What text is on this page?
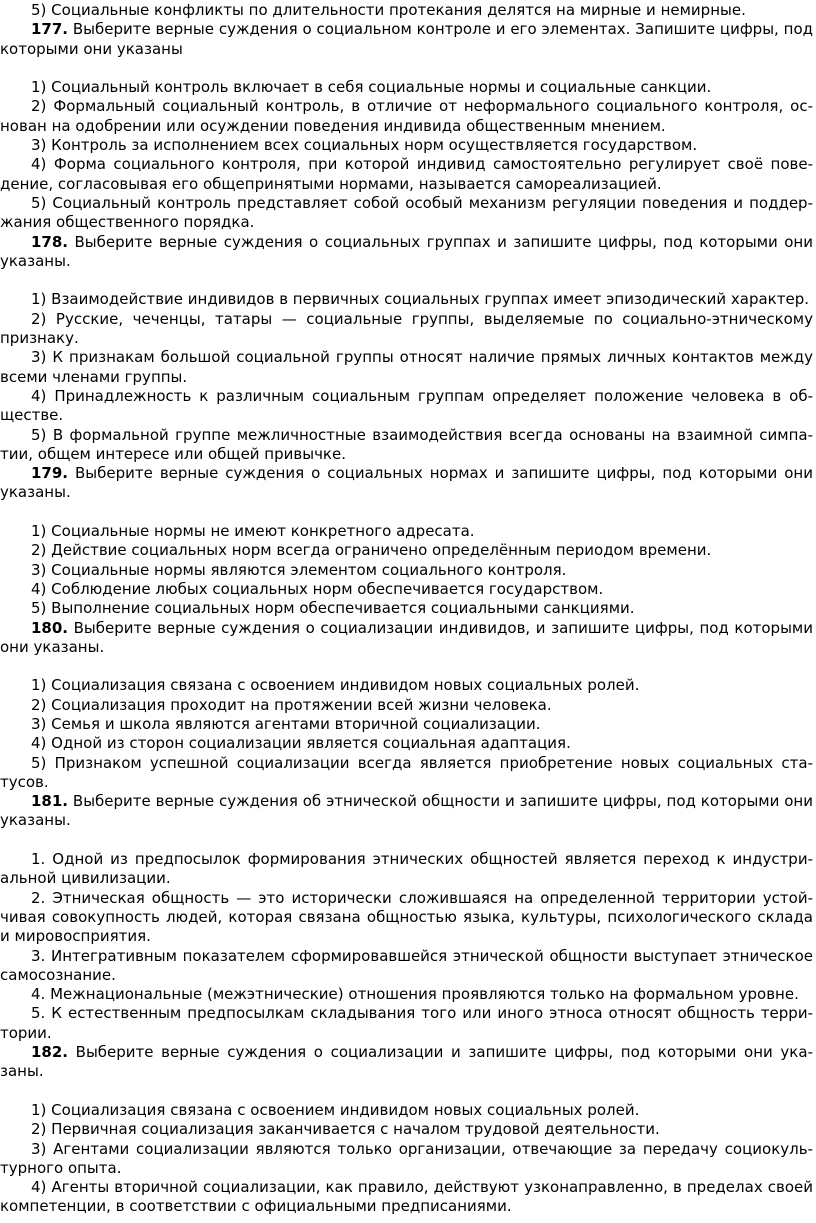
5) Социальные конфликты по длительности протекания делятся на мирные и немирные.

177. Выберите верные суждения о социальном контроле и его элементах. Запишите цифры, под которыми они указаны

1) Социальный контроль включает в себя социальные нормы и социальные санкции.

2) Формальный социальный контроль, в отличие от неформального социального контроля, основан на одобрении или осуждении поведения индивида общественным мнением.

3) Контроль за исполнением всех социальных норм осуществляется государством.

4) Форма социального контроля, при которой индивид самостоятельно регулирует своё поведение, согласовывая его общепринятыми нормами, называется самореализацией.

5) Социальный контроль представляет собой особый механизм регуляции поведения и поддержания общественного порядка.

178. Выберите верные суждения о социальных группах и запишите цифры, под которыми они указаны.

1) Взаимодействие индивидов в первичных социальных группах имеет эпизодический характер.

2) Русские, чеченцы, татары — социальные группы, выделяемые по социально-этническому признаку.

3) К признакам большой социальной группы относят наличие прямых личных контактов между всеми членами группы.

4) Принадлежность к различным социальным группам определяет положение человека в обществе.

5) В формальной группе межличностные взаимодействия всегда основаны на взаимной симпатии, общем интересе или общей привычке.

179. Выберите верные суждения о социальных нормах и запишите цифры, под которыми они указаны.

1) Социальные нормы не имеют конкретного адресата.

2) Действие социальных норм всегда ограничено определённым периодом времени.

3) Социальные нормы являются элементом социального контроля.

4) Соблюдение любых социальных норм обеспечивается государством.

5) Выполнение социальных норм обеспечивается социальными санкциями.

180. Выберите верные суждения о социализации индивидов, и запишите цифры, под которыми они указаны.

1) Социализация связана с освоением индивидом новых социальных ролей.

2) Социализация проходит на протяжении всей жизни человека.

3) Семья и школа являются агентами вторичной социализации.

4) Одной из сторон социализации является социальная адаптация.

5) Признаком успешной социализации всегда является приобретение новых социальных статусов.

181. Выберите верные суждения об этнической общности и запишите цифры, под которыми они указаны.

1. Одной из предпосылок формирования этнических общностей является переход к индустриальной цивилизации.

2. Этническая общность — это исторически сложившаяся на определенной территории устойчивая совокупность людей, которая связана общностью языка, культуры, психологического склада и мировосприятия.

3. Интегративным показателем сформировавшейся этнической общности выступает этническое самосознание.

4. Межнациональные (межэтнические) отношения проявляются только на формальном уровне.

5. К естественным предпосылкам складывания того или иного этноса относят общность территории.

182. Выберите верные суждения о социализации и запишите цифры, под которыми они указаны.

1) Социализация связана с освоением индивидом новых социальных ролей.

2) Первичная социализация заканчивается с началом трудовой деятельности.

3) Агентами социализации являются только организации, отвечающие за передачу социокультурного опыта.

4) Агенты вторичной социализации, как правило, действуют узконаправленно, в пределах своей компетенции, в соответствии с официальными предписаниями.
